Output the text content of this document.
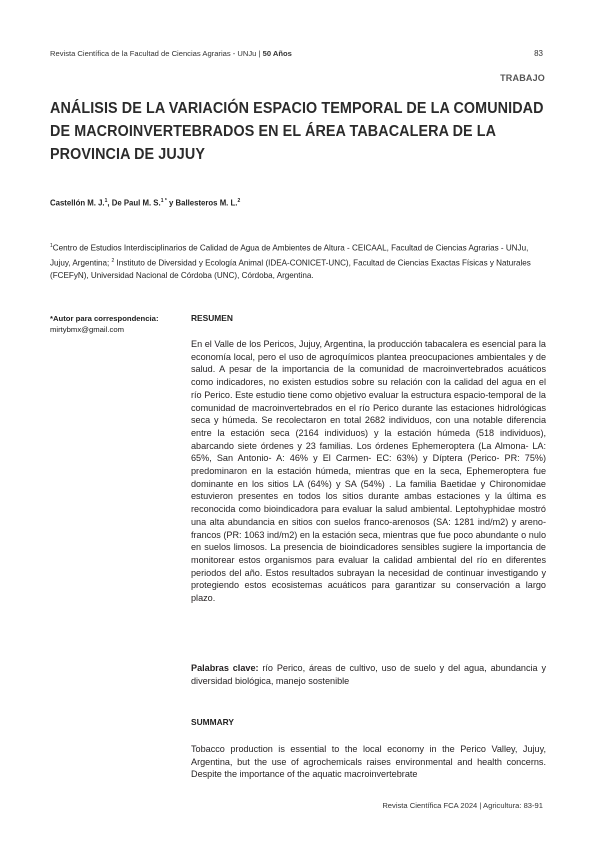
Revista Científica de la Facultad de Ciencias Agrarias - UNJu | 50 Años	83
TRABAJO
ANÁLISIS DE LA VARIACIÓN ESPACIO TEMPORAL DE LA COMUNIDAD DE MACROINVERTEBRADOS EN EL ÁREA TABACALERA DE LA PROVINCIA DE JUJUY
Castellón M. J.$^1$, De Paul M. S.$^{1 *}$ y Ballesteros M. L.$^2$
$^1$Centro de Estudios Interdisciplinarios de Calidad de Agua de Ambientes de Altura - CEICAAL, Facultad de Ciencias Agrarias - UNJu, Jujuy, Argentina; $^2$ Instituto de Diversidad y Ecología Animal (IDEA-CONICET-UNC), Facultad de Ciencias Exactas Físicas y Naturales (FCEFyN), Universidad Nacional de Córdoba (UNC), Córdoba, Argentina.
*Autor para correspondencia:
mirtybmx@gmail.com
RESUMEN
En el Valle de los Pericos, Jujuy, Argentina, la producción tabacalera es esencial para la economía local, pero el uso de agroquímicos plantea preocupaciones ambientales y de salud. A pesar de la importancia de la comunidad de macroinvertebrados acuáticos como indicadores, no existen estudios sobre su relación con la calidad del agua en el río Perico. Este estudio tiene como objetivo evaluar la estructura espacio-temporal de la comunidad de macroinvertebrados en el río Perico durante las estaciones hidrológicas seca y húmeda. Se recolectaron en total 2682 individuos, con una notable diferencia entre la estación seca (2164 individuos) y la estación húmeda (518 individuos), abarcando siete órdenes y 23 familias. Los órdenes Ephemeroptera (La Almona- LA: 65%, San Antonio- A: 46% y El Carmen- EC: 63%) y Díptera (Perico- PR: 75%) predominaron en la estación húmeda, mientras que en la seca, Ephemeroptera fue dominante en los sitios LA (64%) y SA (54%) . La familia Baetidae y Chironomidae estuvieron presentes en todos los sitios durante ambas estaciones y la última es reconocida como bioindicadora para evaluar la salud ambiental. Leptohyphidae mostró una alta abundancia en sitios con suelos franco-arenosos (SA: 1281 ind/m2) y areno-francos (PR: 1063 ind/m2) en la estación seca, mientras que fue poco abundante o nulo en suelos limosos. La presencia de bioindicadores sensibles sugiere la importancia de monitorear estos organismos para evaluar la calidad ambiental del río en diferentes periodos del año. Estos resultados subrayan la necesidad de continuar investigando y protegiendo estos ecosistemas acuáticos para garantizar su conservación a largo plazo.
Palabras clave: río Perico, áreas de cultivo, uso de suelo y del agua, abundancia y diversidad biológica, manejo sostenible
SUMMARY
Tobacco production is essential to the local economy in the Perico Valley, Jujuy, Argentina, but the use of agrochemicals raises environmental and health concerns. Despite the importance of the aquatic macroinvertebrate
Revista Científica FCA 2024 | Agricultura: 83-91
